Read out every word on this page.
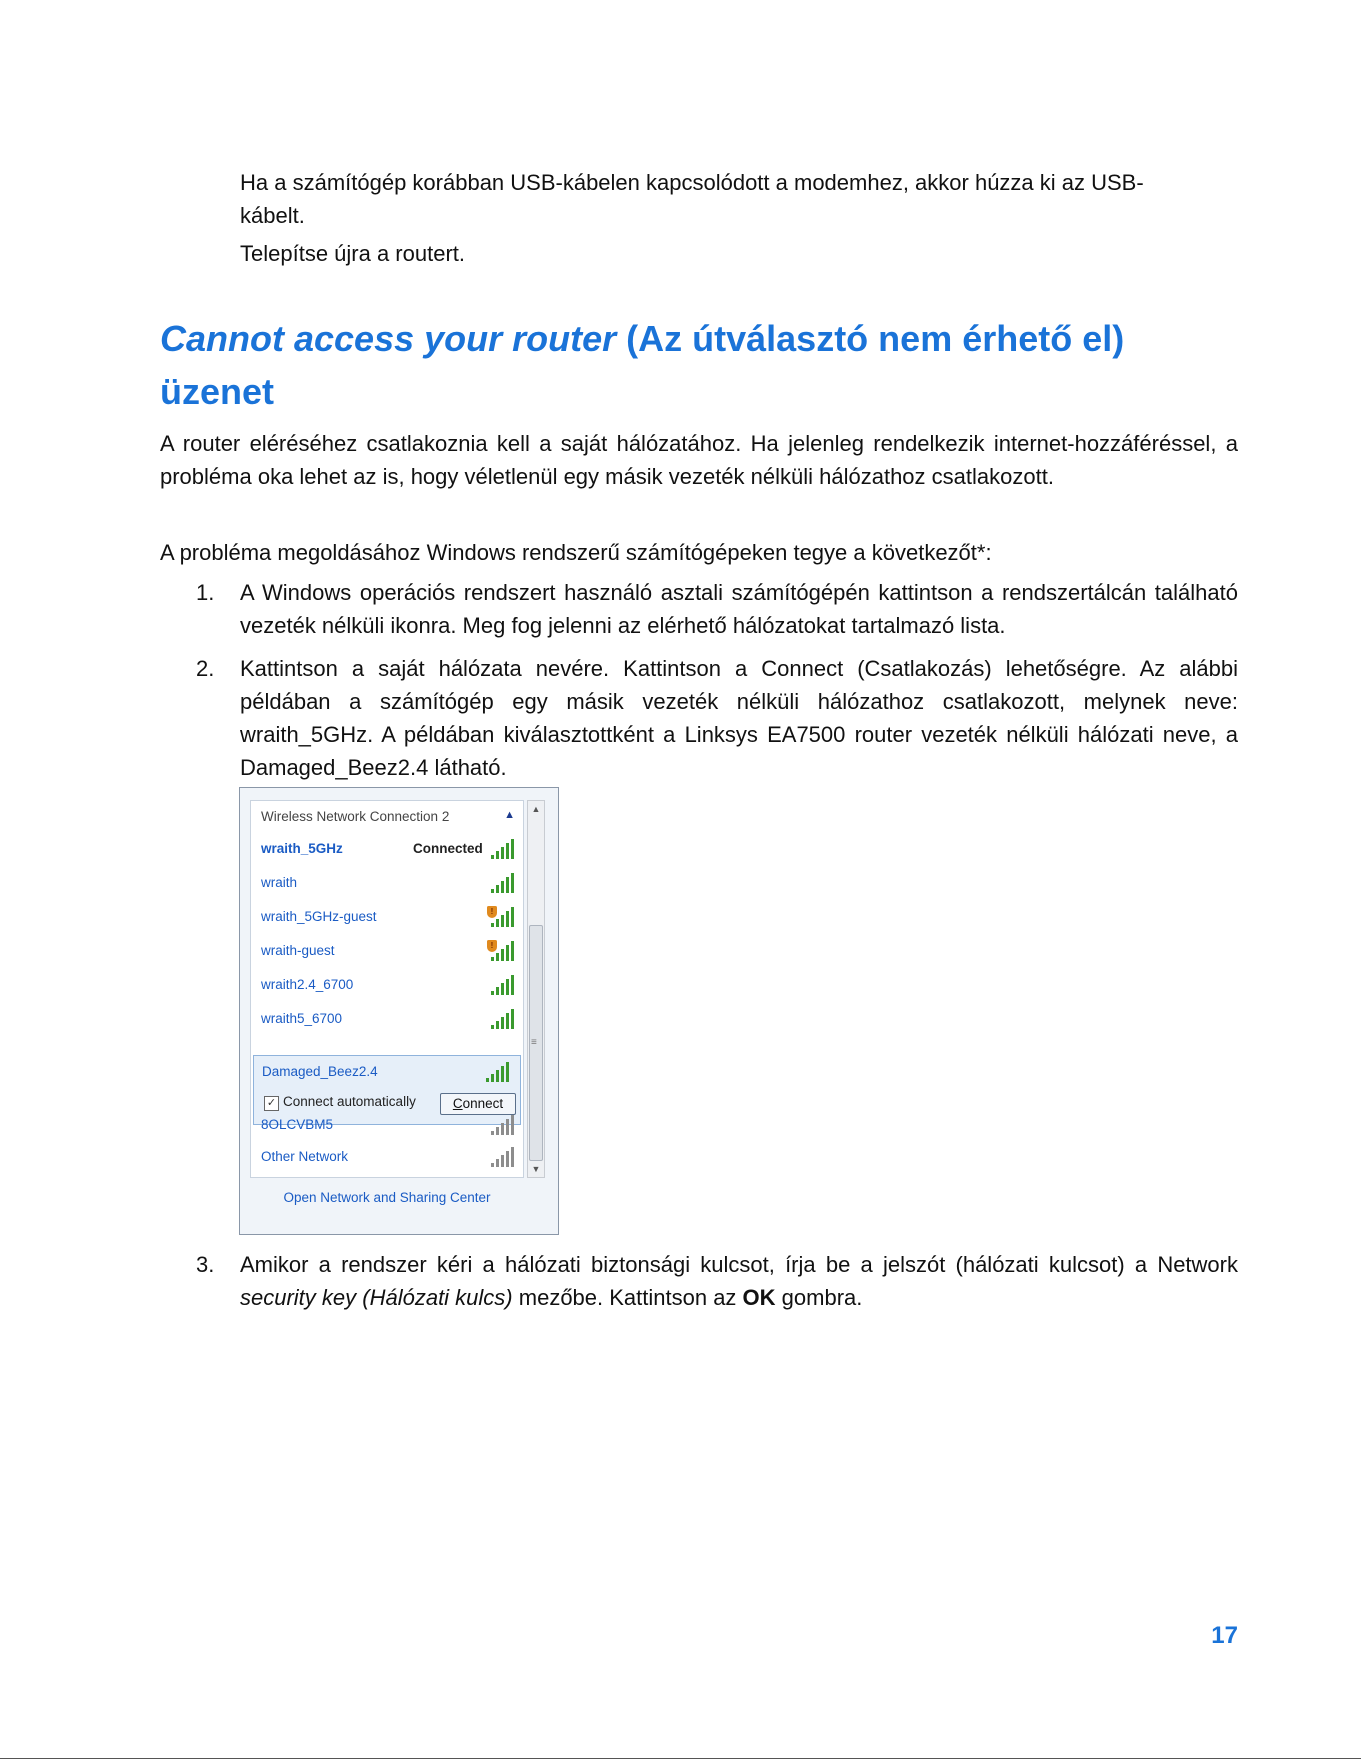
Ha a számítógép korábban USB-kábelen kapcsolódott a modemhez, akkor húzza ki az USB-
kábelt.
Telepítse újra a routert.
Cannot access your router (Az útválasztó nem érhető el) üzenet
A router eléréséhez csatlakoznia kell a saját hálózatához. Ha jelenleg rendelkezik internet-hozzáféréssel, a probléma oka lehet az is, hogy véletlenül egy másik vezeték nélküli hálózathoz csatlakozott.
A probléma megoldásához Windows rendszerű számítógépeken tegye a következőt*:
1.	A Windows operációs rendszert használó asztali számítógépén kattintson a rendszertálcán található vezeték nélküli ikonra. Meg fog jelenni az elérhető hálózatokat tartalmazó lista.
2.	Kattintson a saját hálózata nevére. Kattintson a Connect (Csatlakozás) lehetőségre. Az alábbi példában a számítógép egy másik vezeték nélküli hálózathoz csatlakozott, melynek neve: wraith_5GHz. A példában kiválasztottként a Linksys EA7500 router vezeték nélküli hálózati neve, a Damaged_Beez2.4 látható.
Wireless Network Connection 2	▲
wraith_5GHz	Connected
wraith
wraith_5GHz-guest	!
wraith-guest	!
wraith2.4_6700
wraith5_6700
Damaged_Beez2.4
✓ Connect automatically	Connect
8OLCVBM5
Other Network
▲
≡
▼
Open Network and Sharing Center
3.	Amikor a rendszer kéri a hálózati biztonsági kulcsot, írja be a jelszót (hálózati kulcsot) a Network security key (Hálózati kulcs) mezőbe. Kattintson az OK gombra.
17
